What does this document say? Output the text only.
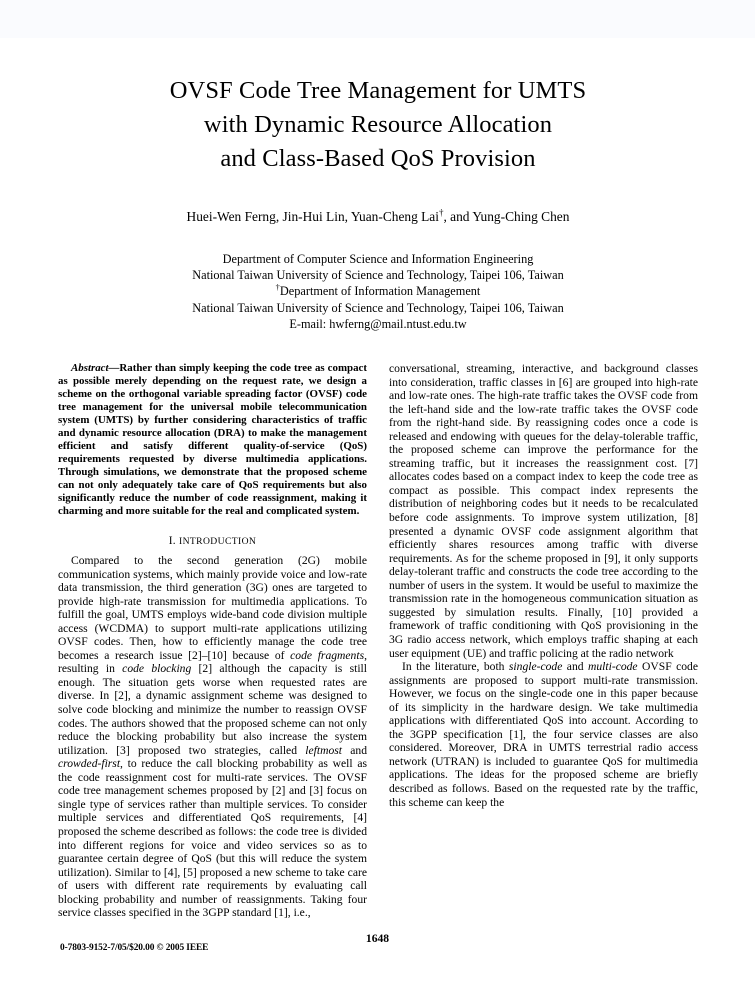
OVSF Code Tree Management for UMTS
with Dynamic Resource Allocation
and Class-Based QoS Provision
Huei-Wen Ferng, Jin-Hui Lin, Yuan-Cheng Lai†, and Yung-Ching Chen
Department of Computer Science and Information Engineering
National Taiwan University of Science and Technology, Taipei 106, Taiwan
†Department of Information Management
National Taiwan University of Science and Technology, Taipei 106, Taiwan
E-mail: hwferng@mail.ntust.edu.tw

Abstract—Rather than simply keeping the code tree as compact as possible merely depending on the request rate, we design a scheme on the orthogonal variable spreading factor (OVSF) code tree management for the universal mobile telecommunication system (UMTS) by further considering characteristics of traffic and dynamic resource allocation (DRA) to make the management efficient and satisfy different quality-of-service (QoS) requirements requested by diverse multimedia applications. Through simulations, we demonstrate that the proposed scheme can not only adequately take care of QoS requirements but also significantly reduce the number of code reassignment, making it charming and more suitable for the real and complicated system.

I. INTRODUCTION

Compared to the second generation (2G) mobile communication systems, which mainly provide voice and low-rate data transmission, the third generation (3G) ones are targeted to provide high-rate transmission for multimedia applications. To fulfill the goal, UMTS employs wide-band code division multiple access (WCDMA) to support multi-rate applications utilizing OVSF codes. Then, how to efficiently manage the code tree becomes a research issue [2]–[10] because of code fragments, resulting in code blocking [2] although the capacity is still enough. The situation gets worse when requested rates are diverse. In [2], a dynamic assignment scheme was designed to solve code blocking and minimize the number to reassign OVSF codes. The authors showed that the proposed scheme can not only reduce the blocking probability but also increase the system utilization. [3] proposed two strategies, called leftmost and crowded-first, to reduce the call blocking probability as well as the code reassignment cost for multi-rate services. The OVSF code tree management schemes proposed by [2] and [3] focus on single type of services rather than multiple services. To consider multiple services and differentiated QoS requirements, [4] proposed the scheme described as follows: the code tree is divided into different regions for voice and video services so as to guarantee certain degree of QoS (but this will reduce the system utilization). Similar to [4], [5] proposed a new scheme to take care of users with different rate requirements by evaluating call blocking probability and number of reassignments. Taking four service classes specified in the 3GPP standard [1], i.e.,

conversational, streaming, interactive, and background classes into consideration, traffic classes in [6] are grouped into high-rate and low-rate ones. The high-rate traffic takes the OVSF code from the left-hand side and the low-rate traffic takes the OVSF code from the right-hand side. By reassigning codes once a code is released and endowing with queues for the delay-tolerable traffic, the proposed scheme can improve the performance for the streaming traffic, but it increases the reassignment cost. [7] allocates codes based on a compact index to keep the code tree as compact as possible. This compact index represents the distribution of neighboring codes but it needs to be recalculated before code assignments. To improve system utilization, [8] presented a dynamic OVSF code assignment algorithm that efficiently shares resources among traffic with diverse requirements. As for the scheme proposed in [9], it only supports delay-tolerant traffic and constructs the code tree according to the number of users in the system. It would be useful to maximize the transmission rate in the homogeneous communication situation as suggested by simulation results. Finally, [10] provided a framework of traffic conditioning with QoS provisioning in the 3G radio access network, which employs traffic shaping at each user equipment (UE) and traffic policing at the radio network

In the literature, both single-code and multi-code OVSF code assignments are proposed to support multi-rate transmission. However, we focus on the single-code one in this paper because of its simplicity in the hardware design. We take multimedia applications with differentiated QoS into account. According to the 3GPP specification [1], the four service classes are also considered. Moreover, DRA in UMTS terrestrial radio access network (UTRAN) is included to guarantee QoS for multimedia applications. The ideas for the proposed scheme are briefly described as follows. Based on the requested rate by the traffic, this scheme can keep the

0-7803-9152-7/05/$20.00 © 2005 IEEE
1648
